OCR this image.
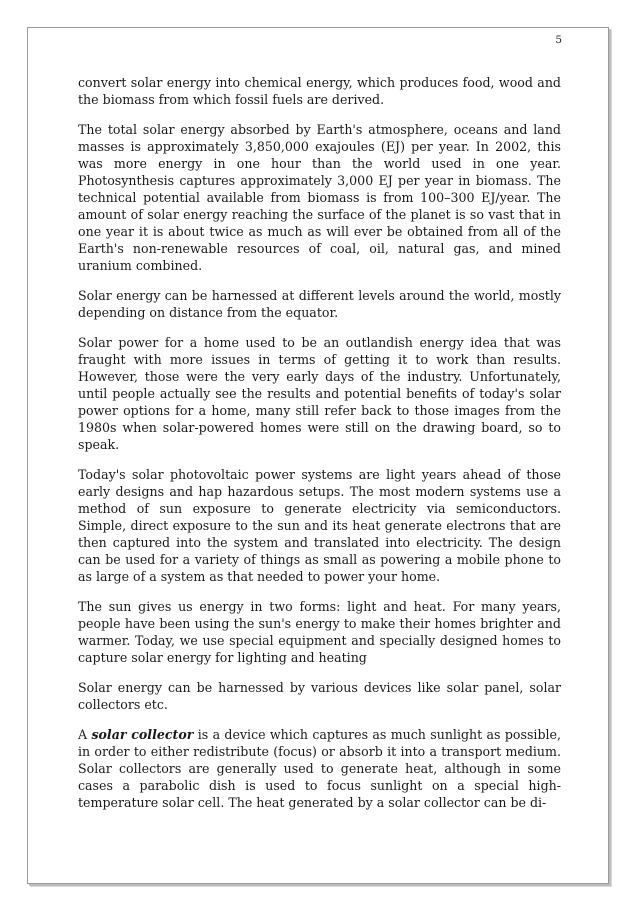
5

convert solar energy into chemical energy, which produces food, wood and the biomass from which fossil fuels are derived.

The total solar energy absorbed by Earth's atmosphere, oceans and land masses is approximately 3,850,000 exajoules (EJ) per year. In 2002, this was more energy in one hour than the world used in one year. Photosynthesis captures approximately 3,000 EJ per year in biomass. The technical potential available from biomass is from 100–300 EJ/year. The amount of solar energy reaching the surface of the planet is so vast that in one year it is about twice as much as will ever be obtained from all of the Earth's non-renewable resources of coal, oil, natural gas, and mined uranium combined.

Solar energy can be harnessed at different levels around the world, mostly depending on distance from the equator.

Solar power for a home used to be an outlandish energy idea that was fraught with more issues in terms of getting it to work than results. However, those were the very early days of the industry. Unfortunately, until people actually see the results and potential benefits of today's solar power options for a home, many still refer back to those images from the 1980s when solar-powered homes were still on the drawing board, so to speak.

Today's solar photovoltaic power systems are light years ahead of those early designs and hap hazardous setups. The most modern systems use a method of sun exposure to generate electricity via semiconductors. Simple, direct exposure to the sun and its heat generate electrons that are then captured into the system and translated into electricity. The design can be used for a variety of things as small as powering a mobile phone to as large of a system as that needed to power your home.

The sun gives us energy in two forms: light and heat. For many years, people have been using the sun's energy to make their homes brighter and warmer. Today, we use special equipment and specially designed homes to capture solar energy for lighting and heating

Solar energy can be harnessed by various devices like solar panel, solar collectors etc.

A solar collector is a device which captures as much sunlight as possible, in order to either redistribute (focus) or absorb it into a transport medium. Solar collectors are generally used to generate heat, although in some cases a parabolic dish is used to focus sunlight on a special high-temperature solar cell. The heat generated by a solar collector can be di-
